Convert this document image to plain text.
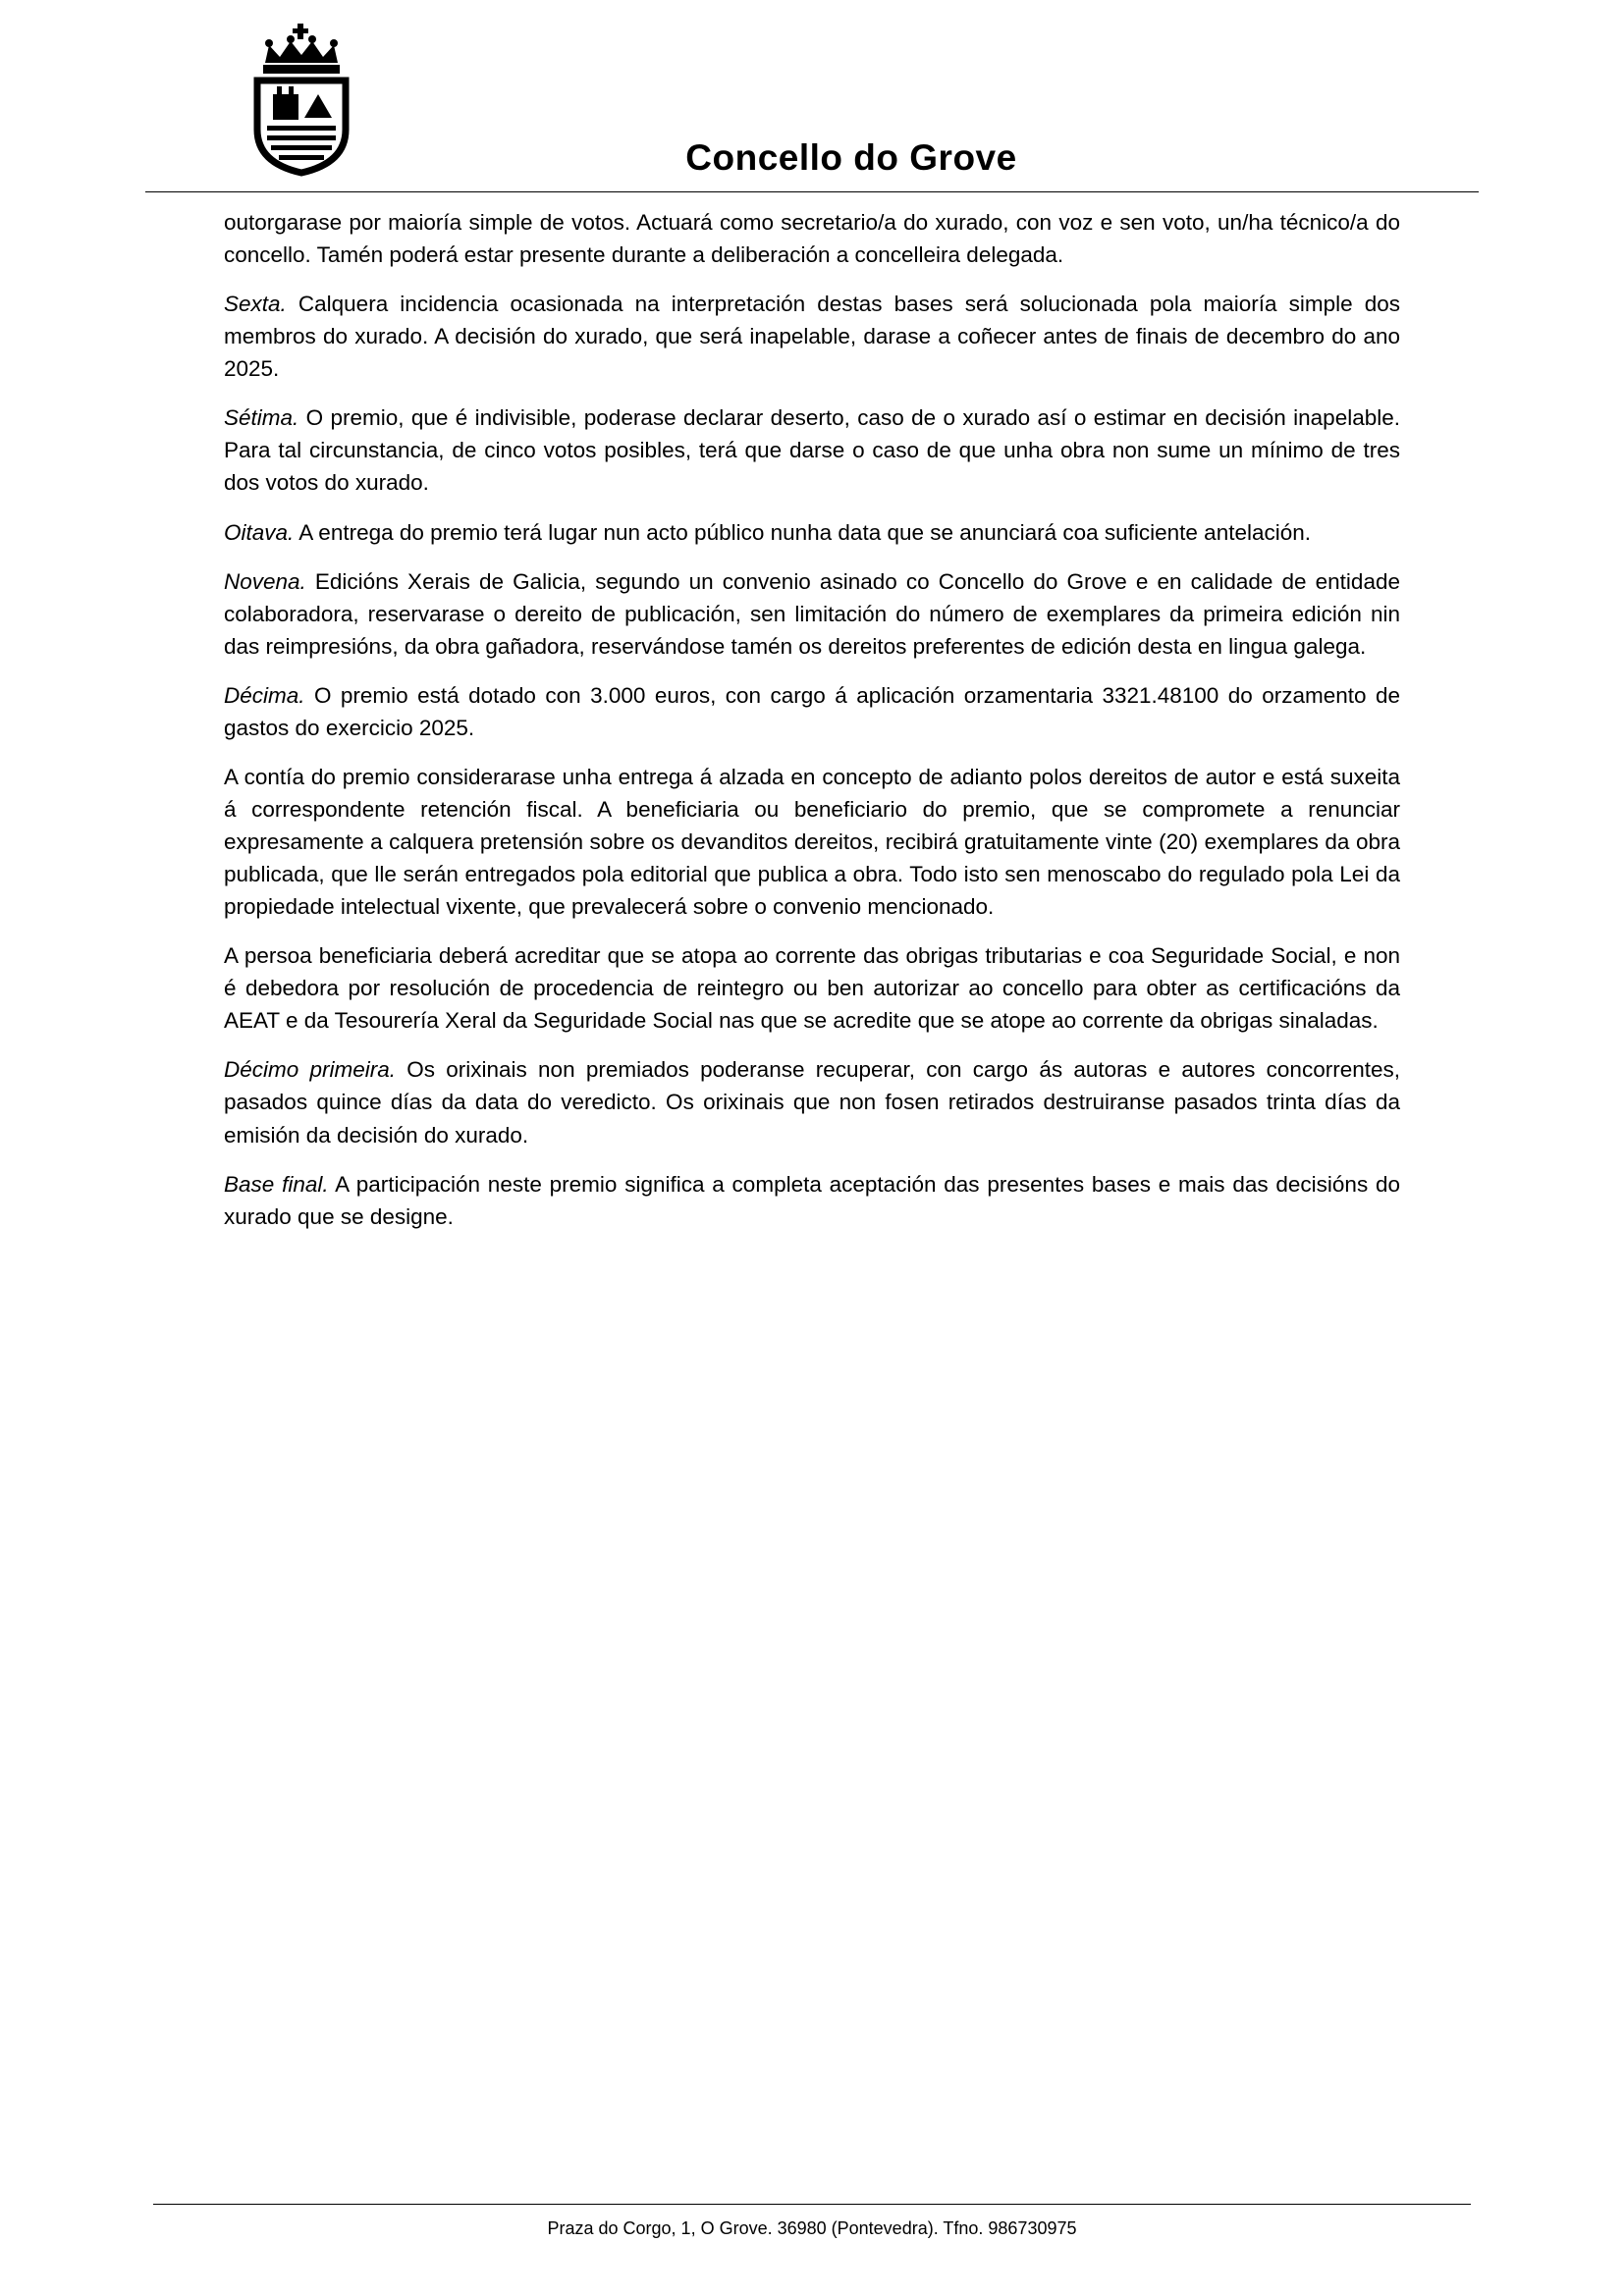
Concello do Grove

outorgarase por maioría simple de votos. Actuará como secretario/a do xurado, con voz e sen voto, un/ha técnico/a do concello. Tamén poderá estar presente durante a deliberación a concelleira delegada.

Sexta. Calquera incidencia ocasionada na interpretación destas bases será solucionada pola maioría simple dos membros do xurado. A decisión do xurado, que será inapelable, darase a coñecer antes de finais de decembro do ano 2025.

Sétima. O premio, que é indivisible, poderase declarar deserto, caso de o xurado así o estimar en decisión inapelable. Para tal circunstancia, de cinco votos posibles, terá que darse o caso de que unha obra non sume un mínimo de tres dos votos do xurado.

Oitava. A entrega do premio terá lugar nun acto público nunha data que se anunciará coa suficiente antelación.

Novena. Edicións Xerais de Galicia, segundo un convenio asinado co Concello do Grove e en calidade de entidade colaboradora, reservarase o dereito de publicación, sen limitación do número de exemplares da primeira edición nin das reimpresións, da obra gañadora, reservándose tamén os dereitos preferentes de edición desta en lingua galega.

Décima. O premio está dotado con 3.000 euros, con cargo á aplicación orzamentaria 3321.48100 do orzamento de gastos do exercicio 2025.

A contía do premio considerarase unha entrega á alzada en concepto de adianto polos dereitos de autor e está suxeita á correspondente retención fiscal. A beneficiaria ou beneficiario do premio, que se compromete a renunciar expresamente a calquera pretensión sobre os devanditos dereitos, recibirá gratuitamente vinte (20) exemplares da obra publicada, que lle serán entregados pola editorial que publica a obra. Todo isto sen menoscabo do regulado pola Lei da propiedade intelectual vixente, que prevalecerá sobre o convenio mencionado.

A persoa beneficiaria deberá acreditar que se atopa ao corrente das obrigas tributarias e coa Seguridade Social, e non é debedora por resolución de procedencia de reintegro ou ben autorizar ao concello para obter as certificacións da AEAT e da Tesourería Xeral da Seguridade Social nas que se acredite que se atope ao corrente da obrigas sinaladas.

Décimo primeira. Os orixinais non premiados poderanse recuperar, con cargo ás autoras e autores concorrentes, pasados quince días da data do veredicto. Os orixinais que non fosen retirados destruiranse pasados trinta días da emisión da decisión do xurado.

Base final. A participación neste premio significa a completa aceptación das presentes bases e mais das decisións do xurado que se designe.

Praza do Corgo, 1, O Grove. 36980 (Pontevedra). Tfno. 986730975
